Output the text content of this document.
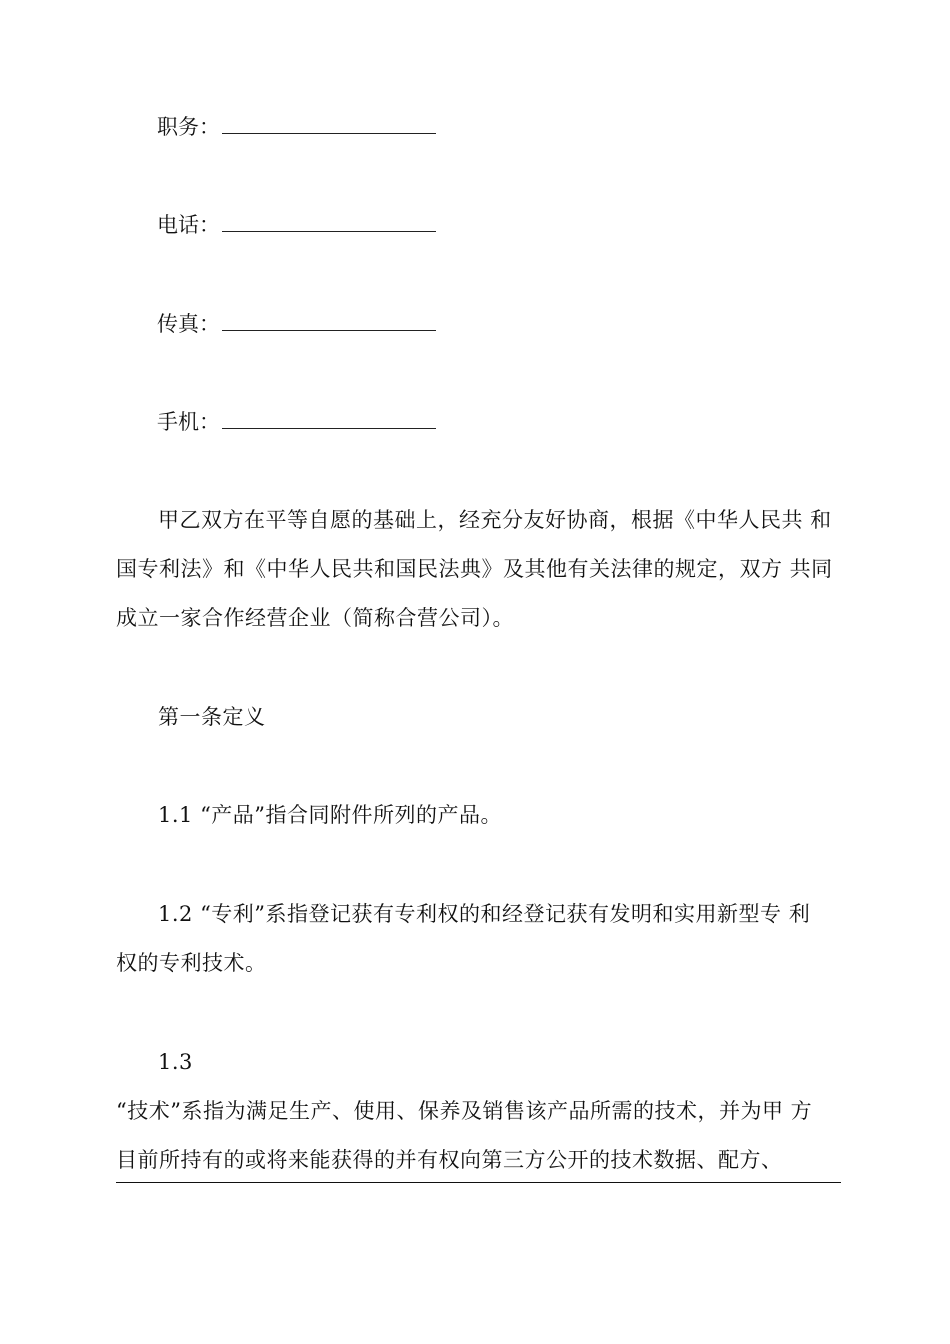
职务：
电话：
传真：
手机：
甲乙双方在平等自愿的基础上，经充分友好协商，根据《中华人民共 和
国专利法》和《中华人民共和国民法典》及其他有关法律的规定，双方 共同
成立一家合作经营企业（简称合营公司）。
第一条定义
1.1 “产品”指合同附件所列的产品。
1.2 “专利”系指登记获有专利权的和经登记获有发明和实用新型专 利
权的专利技术。
1.3
“技术”系指为满足生产、使用、保养及销售该产品所需的技术，并为甲 方
目前所持有的或将来能获得的并有权向第三方公开的技术数据、配方、
